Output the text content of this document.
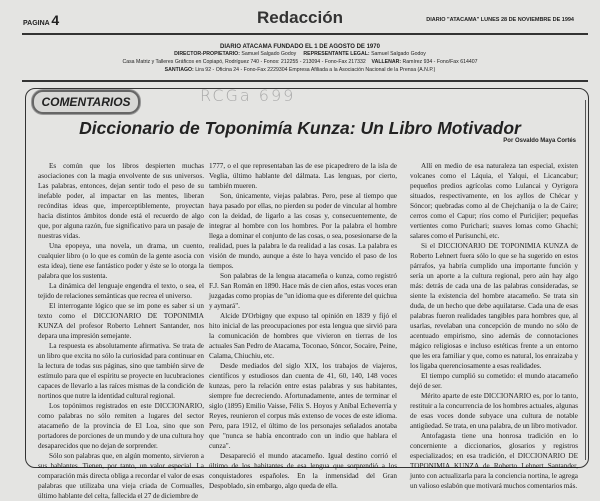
PAGINA 4	Redacción	DIARIO "ATACAMA" LUNES 28 DE NOVIEMBRE DE 1994
DIARIO ATACAMA FUNDADO EL 1 DE AGOSTO DE 1970
DIRECTOR-PROPIETARIO: Samuel Salgado Godoy REPRESENTANTE LEGAL: Samuel Salgado Godoy
Casa Matriz y Talleres Gráficos en Copiapó, Rodríguez 740 - Fonos: 212255 - 213094 - Fono-Fax 217332 VALLENAR: Ramírez 934 - Fono/Fax 614407
SANTIAGO: Lira 92 - Oficina 24 - Fono-Fax 2229304 Empresa Afiliada a la Asociación Nacional de la Prensa (A.N.P.)
COMENTARIOS	RCGa 699
Diccionario de Toponimía Kunza: Un Libro Motivador
Por Osvaldo Maya Cortés

Es común que los libros despierten muchas asociaciones con la magia envolvente de sus universos. Las palabras, entonces, dejan sentir todo el peso de su inefable poder, al impactar en las mentes, liberan recónditas ideas que, imperceptiblemente, proyectan hacia distintos ámbitos donde está el recuerdo de algo que, por alguna razón, fue significativo para un pasaje de nuestras vidas.

Una epopeya, una novela, un drama, un cuento, cualquier libro (o lo que es común de la gente asocia con esta idea), tiene ese fantástico poder y éste se lo otorga la palabra que los sustenta.

La dinámica del lenguaje engendra el texto, o sea, el tejido de relaciones semánticas que recrea el universo.

El interrogante lógico que se im pone es saber si un texto como el DICCIONARIO DE TOPONIMIA KUNZA del profesor Roberto Lehnert Santander, nos depara una impresión semejante.

La respuesta es absolutamente afirmativa. Se trata de un libro que excita no sólo la curiosidad para continuar en la lectura de todas sus páginas, sino que también sirve de estímulo para que el espíritu se proyecte en lucubraciones capaces de llevarlo a las raíces mismas de la condición de nortinos que nutre la identidad cultural regional.

Los topónimos registrados en este DICCIONARIO, como palabras no sólo remiten a lugares del sector atacameño de la provincia de El Loa, sino que son portadores de porciones de un mundo y de una cultura hoy desaparecidos que no dejan de sorprender.

Sólo son palabras que, en algún momento, sirvieron a sus hablantes. Tienen, por tanto, un valor especial. La comparación más directa obliga a recordar el valor de esas palabras que utilizaba una vieja criada de Cornualles, último hablante del celta, fallecida el 27 de diciembre de

1777, o el que representaban las de ese picapedrero de la isla de Veglia, último hablante del dálmata. Las lenguas, por cierto, también mueren.

Son, únicamente, viejas palabras. Pero, pese al tiempo que haya pasado por ellas, no pierden su poder de vincular al hombre con la deidad, de ligarlo a las cosas y, consecuentemente, de integrar al hombre con los hombres. Por la palabra el hombre llega a dominar el conjunto de las cosas, o sea, posesionarse de la realidad, pues la palabra le da realidad a las cosas. La palabra es visión de mundo, aunque a éste lo haya vencido el paso de los tiempos.

Son palabras de la lengua atacameña o kunza, como registró F.J. San Román en 1890. Hace más de cien años, estas voces eran juzgadas como propias de "un idioma que es diferente del quichua y aymará".

Alcide D'Orbigny que expuso tal opinión en 1839 y fijó el hito inicial de las preocupaciones por esta lengua que sirvió para la comunicación de hombres que vivieron en tierras de los actuales San Pedro de Atacama, Toconao, Sóncor, Socaire, Peine, Calama, Chiuchiu, etc.

Desde mediados del siglo XIX, los trabajos de viajeros, científicos y estudiosos dan cuenta de 41, 60, 140, 148 voces kunzas, pero la relación entre estas palabras y sus habitantes, siempre fue decreciendo. Afortunadamente, antes de terminar el siglo (1895) Emilio Vaisse, Félix S. Hoyos y Aníbal Echeverría y Reyes, reunieron el corpus más extenso de voces de este idioma. Pero, para 1912, el último de los personajes señalados anotaba que "nunca se había encontrado con un indio que hablara el cunza".

Desapareció el mundo atacameño. Igual destino corrió el último de los habitantes de esa lengua que sorprendió a los conquistadores españoles. En la inmensidad del Gran Despoblado, sin embargo, algo queda de ella.

Allí en medio de esa naturaleza tan especial, existen volcanes como el Láquia, el Yalqui, el Licancabur; pequeños predios agrícolas como Lulancai y Oyrigora situados, respectivamente, en los ayllos de Chécar y Sóncor; quebradas como al de Chejchanija o la de Caire; cerros como el Capur; ríos como el Puricijier; pequeñas vertientes como Purichari; suaves lomas como Ghachi; salares como el Purisunchi, etc.

Si el DICCIONARIO DE TOPONIMIA KUNZA de Roberto Lehnert fuera sólo lo que se ha sugerido en estos párrafos, ya habría cumplido una importante función y sería un aporte a la cultura regional, pero aún hay algo más: detrás de cada una de las palabras consideradas, se siente la existencia del hombre atacameño. Se trata sin duda, de un hecho que debe aquilatarse. Cada una de esas palabras fueron realidades tangibles para hombres que, al usarlas, revelaban una concepción de mundo no sólo de acentuado empirismo, sino además de connotaciones mágico religiosas e incluso estéticas frente a un entorno que les era familiar y que, como es natural, los enraizaba y los ligaba querenciosamente a esas realidades.

El tiempo cumplió su cometido: el mundo atacameño dejó de ser.

Mérito aparte de este DICCIONARIO es, por lo tanto, restituir a la concurrencia de los hombres actuales, algunas de esas voces donde subyace una cultura de notable antigüedad. Se trata, en una palabra, de un libro motivador.

Antofagasta tiene una honrosa tradición en lo concerniente a diccionarios, glosarios y registros especializados; en esa tradición, el DICCIONARIO DE TOPONIMIA KUNZA de Roberto Lehnert Santander, junto con actualizarla para la conciencia nortina, le agrega un valioso eslabón que motivará muchos comentarios más.
